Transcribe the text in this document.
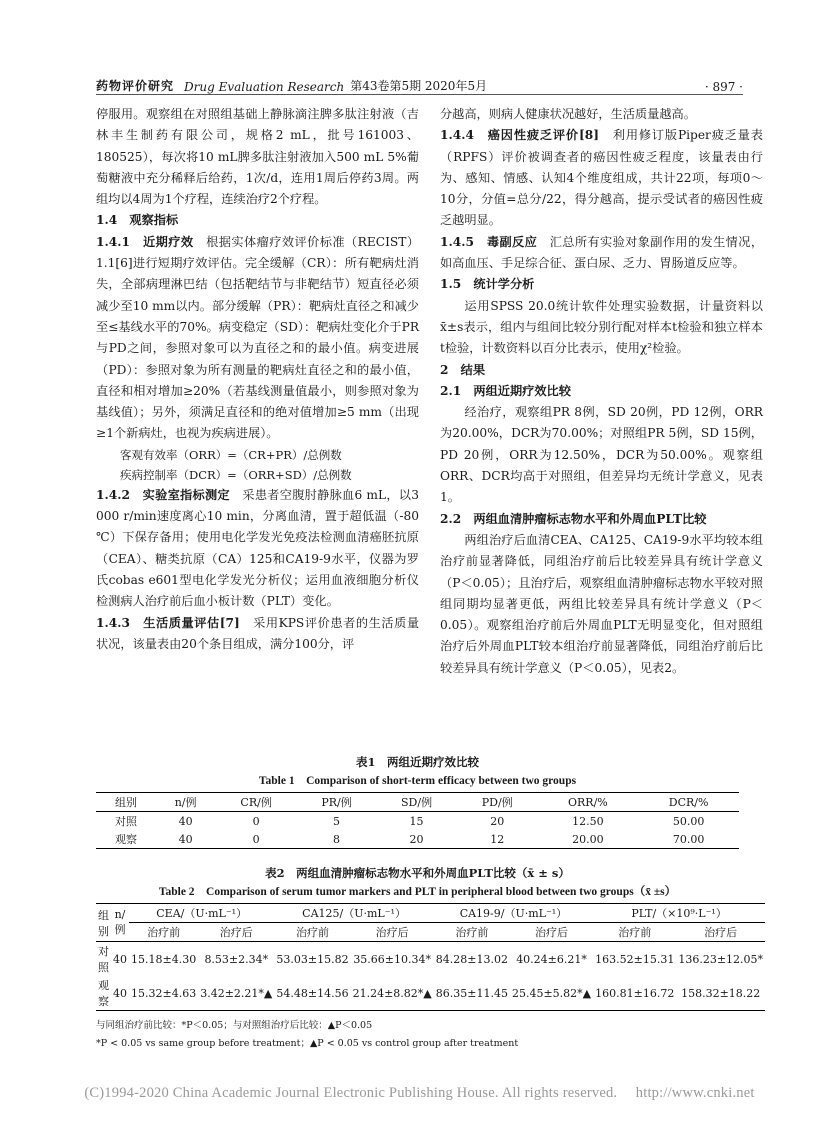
药物评价研究 Drug Evaluation Research 第43卷第5期 2020年5月	· 897 ·

停服用。观察组在对照组基础上静脉滴注脾多肽注射液（吉林丰生制药有限公司，规格2 mL，批号161003、180525），每次将10 mL脾多肽注射液加入500 mL 5%葡萄糖液中充分稀释后给药，1次/d，连用1周后停药3周。两组均以4周为1个疗程，连续治疗2个疗程。

1.4　观察指标

1.4.1　近期疗效　 根据实体瘤疗效评价标准（RECIST）1.1[6]进行短期疗效评估。完全缓解（CR）：所有靶病灶消失，全部病理淋巴结（包括靶结节与非靶结节）短直径必须减少至10 mm以内。部分缓解（PR）：靶病灶直径之和减少至≤基线水平的70%。病变稳定（SD）：靶病灶变化介于PR与PD之间，参照对象可以为直径之和的最小值。病变进展（PD）：参照对象为所有测量的靶病灶直径之和的最小值，直径和相对增加≥20%（若基线测量值最小，则参照对象为基线值）；另外，须满足直径和的绝对值增加≥5 mm（出现≥1个新病灶，也视为疾病进展）。

客观有效率（ORR）=（CR+PR）/总例数

疾病控制率（DCR）=（ORR+SD）/总例数

1.4.2　实验室指标测定　 采患者空腹肘静脉血6 mL，以3 000 r/min速度离心10 min，分离血清，置于超低温（-80 ℃）下保存备用；使用电化学发光免疫法检测血清癌胚抗原（CEA）、糖类抗原（CA）125和CA19-9水平，仪器为罗氏cobas e601型电化学发光分析仪；运用血液细胞分析仪检测病人治疗前后血小板计数（PLT）变化。

1.4.3　生活质量评估[7]　 采用KPS评价患者的生活质量状况，该量表由20个条目组成，满分100分，评

分越高，则病人健康状况越好，生活质量越高。

1.4.4　癌因性疲乏评价[8]　 利用修订版Piper疲乏量表（RPFS）评价被调查者的癌因性疲乏程度，该量表由行为、感知、情感、认知4个维度组成，共计22项，每项0～10分，分值=总分/22，得分越高，提示受试者的癌因性疲乏越明显。

1.4.5　毒副反应　 汇总所有实验对象副作用的发生情况，如高血压、手足综合征、蛋白尿、乏力、胃肠道反应等。

1.5　统计学分析

运用SPSS 20.0统计软件处理实验数据，计量资料以x̄±s表示，组内与组间比较分别行配对样本t检验和独立样本t检验，计数资料以百分比表示，使用χ²检验。

2　结果

2.1　两组近期疗效比较

经治疗，观察组PR 8例，SD 20例，PD 12例，ORR为20.00%，DCR为70.00%；对照组PR 5例，SD 15例，PD 20例，ORR为12.50%，DCR为50.00%。观察组ORR、DCR均高于对照组，但差异均无统计学意义，见表1。

2.2　两组血清肿瘤标志物水平和外周血PLT比较

两组治疗后血清CEA、CA125、CA19-9水平均较本组治疗前显著降低，同组治疗前后比较差异具有统计学意义（P＜0.05）；且治疗后，观察组血清肿瘤标志物水平较对照组同期均显著更低，两组比较差异具有统计学意义（P＜0.05）。观察组治疗前后外周血PLT无明显变化，但对照组治疗后外周血PLT较本组治疗前显著降低，同组治疗前后比较差异具有统计学意义（P＜0.05），见表2。

表1　两组近期疗效比较
Table 1　Comparison of short-term efficacy between two groups
组别	n/例	CR/例	PR/例	SD/例	PD/例	ORR/%	DCR/%
对照	40	0	5	15	20	12.50	50.00
观察	40	0	8	20	12	20.00	70.00
表2　两组血清肿瘤标志物水平和外周血PLT比较（x̄ ± s）
Table 2　Comparison of serum tumor markers and PLT in peripheral blood between two groups（x̄ ±s）
组别	n/例	CEA/（U·mL⁻¹）		CA125/（U·mL⁻¹）		CA19-9/（U·mL⁻¹）		PLT/（×10⁹·L⁻¹）	
		治疗前	治疗后	治疗前	治疗后	治疗前	治疗后	治疗前	治疗后
对照	40	15.18±4.30	8.53±2.34*	53.03±15.82	35.66±10.34*	84.28±13.02	40.24±6.21*	163.52±15.31	136.23±12.05*
观察	40	15.32±4.63	3.42±2.21*▲	54.48±14.56	21.24±8.82*▲	86.35±11.45	25.45±5.82*▲	160.81±16.72	158.32±18.22
与同组治疗前比较：*P＜0.05；与对照组治疗后比较：▲P＜0.05
*P < 0.05 vs same group before treatment；▲P < 0.05 vs control group after treatment
(C)1994-2020 China Academic Journal Electronic Publishing House. All rights reserved.　 http://www.cnki.net
